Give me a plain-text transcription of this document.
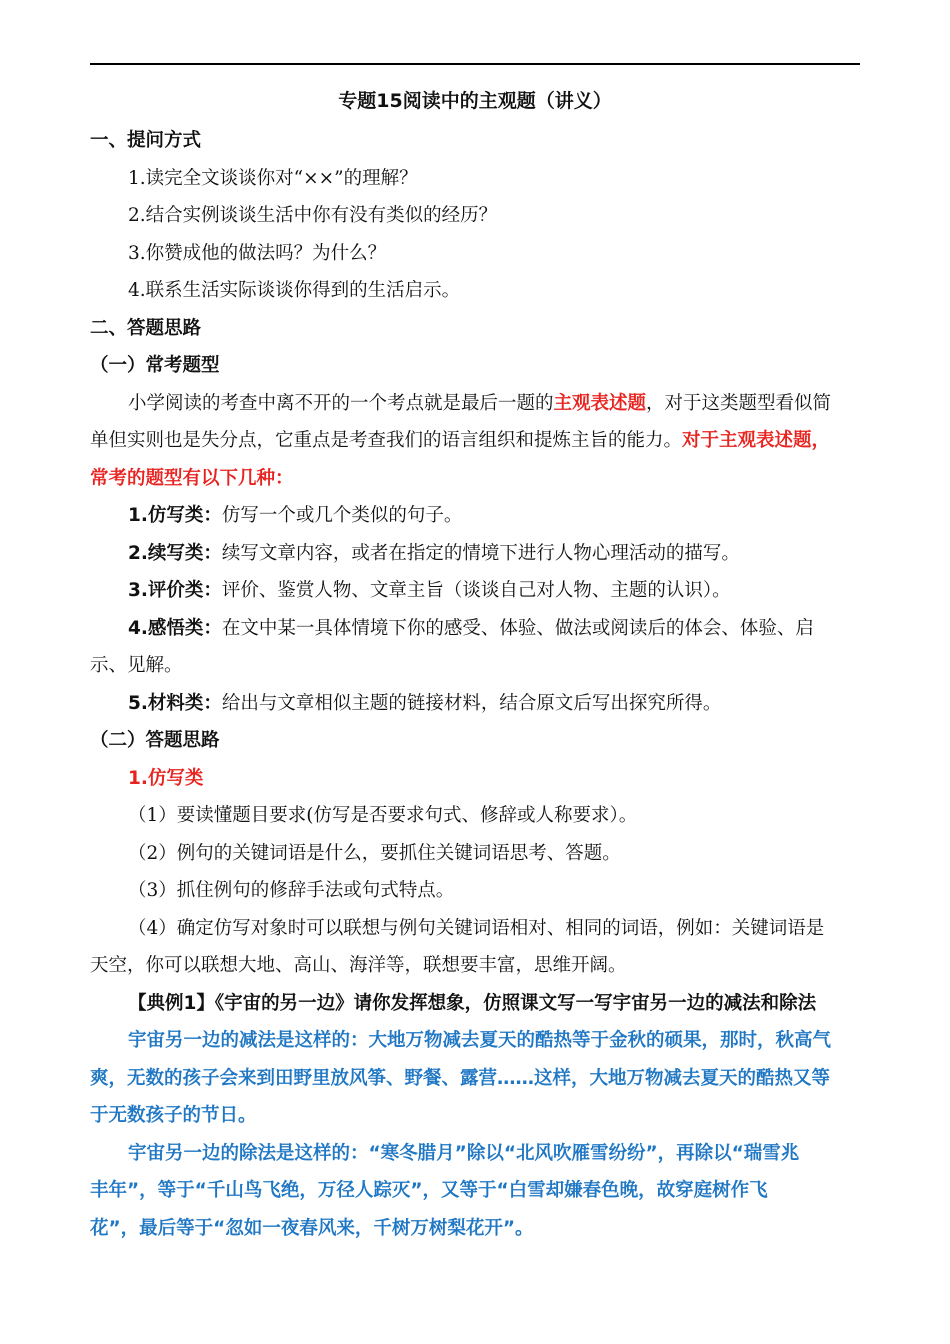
专题15阅读中的主观题（讲义）
一、提问方式
1.读完全文谈谈你对“××”的理解？
2.结合实例谈谈生活中你有没有类似的经历？
3.你赞成他的做法吗？为什么？
4.联系生活实际谈谈你得到的生活启示。
二、答题思路
（一）常考题型
小学阅读的考查中离不开的一个考点就是最后一题的主观表述题，对于这类题型看似简
单但实则也是失分点，它重点是考查我们的语言组织和提炼主旨的能力。对于主观表述题，
常考的题型有以下几种：
1.仿写类：仿写一个或几个类似的句子。
2.续写类：续写文章内容，或者在指定的情境下进行人物心理活动的描写。
3.评价类：评价、鉴赏人物、文章主旨（谈谈自己对人物、主题的认识）。
4.感悟类：在文中某一具体情境下你的感受、体验、做法或阅读后的体会、体验、启
示、见解。
5.材料类：给出与文章相似主题的链接材料，结合原文后写出探究所得。
（二）答题思路
1.仿写类
（1）要读懂题目要求(仿写是否要求句式、修辞或人称要求）。
（2）例句的关键词语是什么，要抓住关键词语思考、答题。
（3）抓住例句的修辞手法或句式特点。
（4）确定仿写对象时可以联想与例句关键词语相对、相同的词语，例如：关键词语是
天空，你可以联想大地、高山、海洋等，联想要丰富，思维开阔。
【典例1】《宇宙的另一边》请你发挥想象，仿照课文写一写宇宙另一边的减法和除法
宇宙另一边的减法是这样的：大地万物减去夏天的酷热等于金秋的硕果，那时，秋高气
爽，无数的孩子会来到田野里放风筝、野餐、露营……这样，大地万物减去夏天的酷热又等
于无数孩子的节日。
宇宙另一边的除法是这样的：“寒冬腊月”除以“北风吹雁雪纷纷”，再除以“瑞雪兆
丰年”，等于“千山鸟飞绝，万径人踪灭”，又等于“白雪却嫌春色晚，故穿庭树作飞
花”，最后等于“忽如一夜春风来，千树万树梨花开”。
